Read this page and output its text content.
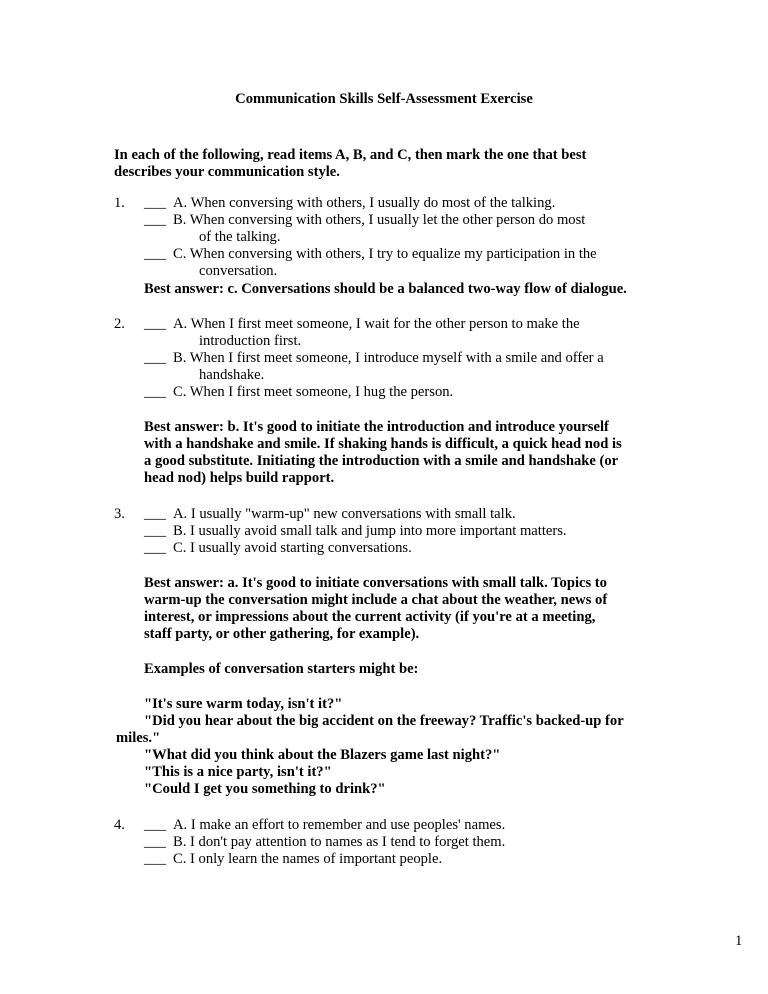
Communication Skills Self-Assessment Exercise
In each of the following, read items A, B, and C, then mark the one that best
describes your communication style.
1. ___ A. When conversing with others, I usually do most of the talking.
___ B. When conversing with others, I usually let the other person do most
of the talking.
___ C. When conversing with others, I try to equalize my participation in the
conversation.
Best answer: c. Conversations should be a balanced two-way flow of dialogue.
2. ___ A. When I first meet someone, I wait for the other person to make the
introduction first.
___ B. When I first meet someone, I introduce myself with a smile and offer a
handshake.
___ C. When I first meet someone, I hug the person.
Best answer: b. It's good to initiate the introduction and introduce yourself
with a handshake and smile. If shaking hands is difficult, a quick head nod is
a good substitute. Initiating the introduction with a smile and handshake (or
head nod) helps build rapport.
3. ___ A. I usually "warm-up" new conversations with small talk.
___ B. I usually avoid small talk and jump into more important matters.
___ C. I usually avoid starting conversations.
Best answer: a. It's good to initiate conversations with small talk. Topics to
warm-up the conversation might include a chat about the weather, news of
interest, or impressions about the current activity (if you're at a meeting,
staff party, or other gathering, for example).
Examples of conversation starters might be:
"It's sure warm today, isn't it?"
"Did you hear about the big accident on the freeway? Traffic's backed-up for
miles."
"What did you think about the Blazers game last night?"
"This is a nice party, isn't it?"
"Could I get you something to drink?"
4. ___ A. I make an effort to remember and use peoples' names.
___ B. I don't pay attention to names as I tend to forget them.
___ C. I only learn the names of important people.
1
